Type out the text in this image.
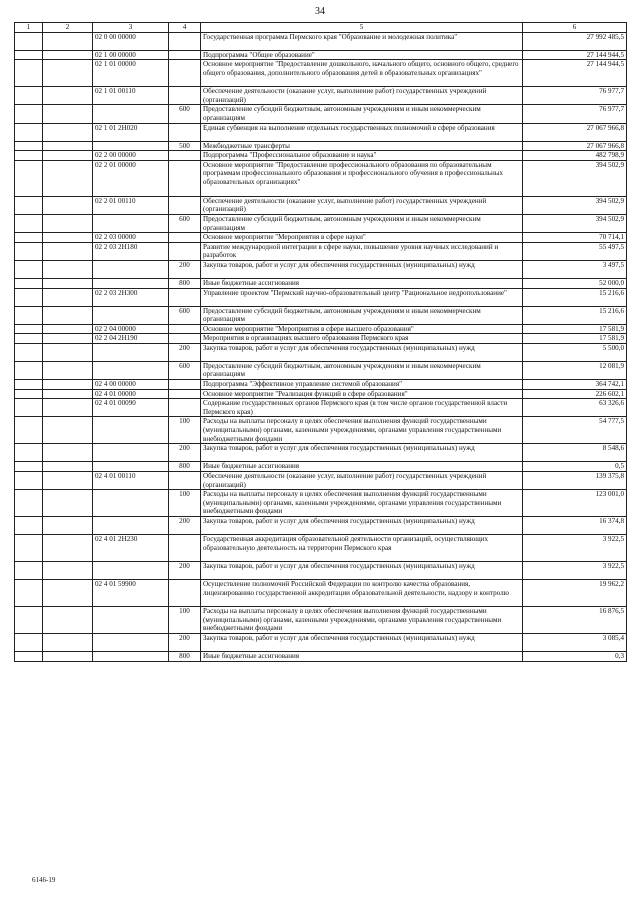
34
1	2	3	4	5	6
		02 0 00 00000		Государственная программа Пермского края "Образование и молодежная политика"	27 992 485,5
		02 1 00 00000		Подпрограмма "Общее образование"	27 144 944,5
		02 1 01 00000		Основное мероприятие "Предоставление дошкольного, начального общего, основного общего, среднего общего образования, дополнительного образования детей в образовательных организациях"	27 144 944,5
		02 1 01 00110		Обеспечение деятельности (оказание услуг, выполнение работ) государственных учреждений (организаций)	76 977,7
			600	Предоставление субсидий бюджетным, автономным учреждениям и иным некоммерческим организациям	76 977,7
		02 1 01 2Н020		Единая субвенция на выполнение отдельных государственных полномочий в сфере образования	27 067 966,8
			500	Межбюджетные трансферты	27 067 966,8
		02 2 00 00000		Подпрограмма "Профессиональное образование и наука"	482 798,9
		02 2 01 00000		Основное мероприятие "Предоставление профессионального образования по образовательным программам профессионального образования и профессионального обучения в профессиональных образовательных организациях"	394 502,9
		02 2 01 00110		Обеспечение деятельности (оказание услуг, выполнение работ) государственных учреждений (организаций)	394 502,9
			600	Предоставление субсидий бюджетным, автономным учреждениям и иным некоммерческим организациям	394 502,9
		02 2 03 00000		Основное мероприятие "Мероприятия в сфере науки"	70 714,1
		02 2 03 2Н180		Развитие международной интеграции в сфере науки, повышение уровня научных исследований и разработок	55 497,5
			200	Закупка товаров, работ и услуг для обеспечения государственных (муниципальных) нужд	3 497,5
			800	Иные бюджетные ассигнования	52 000,0
		02 2 03 2Н300		Управление проектом "Пермский научно-образовательный центр "Рациональное недропользование"	15 216,6
			600	Предоставление субсидий бюджетным, автономным учреждениям и иным некоммерческим организациям	15 216,6
		02 2 04 00000		Основное мероприятие "Мероприятия в сфере высшего образования"	17 581,9
		02 2 04 2Н190		Мероприятия в организациях высшего образования Пермского края	17 581,9
			200	Закупка товаров, работ и услуг для обеспечения государственных (муниципальных) нужд	5 500,0
			600	Предоставление субсидий бюджетным, автономным учреждениям и иным некоммерческим организациям	12 081,9
		02 4 00 00000		Подпрограмма "Эффективное управление системой образования"	364 742,1
		02 4 01 00000		Основное мероприятие "Реализация функций в сфере образования"	226 602,1
		02 4 01 00090		Содержание государственных органов Пермского края (в том числе органов государственной власти Пермского края)	63 326,6
			100	Расходы на выплаты персоналу в целях обеспечения выполнения функций государственными (муниципальными) органами, казенными учреждениями, органами управления государственными внебюджетными фондами	54 777,5
			200	Закупка товаров, работ и услуг для обеспечения государственных (муниципальных) нужд	8 548,6
			800	Иные бюджетные ассигнования	0,5
		02 4 01 00110		Обеспечение деятельности (оказание услуг, выполнение работ) государственных учреждений (организаций)	139 375,8
			100	Расходы на выплаты персоналу в целях обеспечения выполнения функций государственными (муниципальными) органами, казенными учреждениями, органами управления государственными внебюджетными фондами	123 001,0
			200	Закупка товаров, работ и услуг для обеспечения государственных (муниципальных) нужд	16 374,8
		02 4 01 2Н230		Государственная аккредитация образовательной деятельности организаций, осуществляющих образовательную деятельность на территории Пермского края	3 922,5
			200	Закупка товаров, работ и услуг для обеспечения государственных (муниципальных) нужд	3 922,5
		02 4 01 59900		Осуществление полномочий Российской Федерации по контролю качества образования, лицензированию государственной аккредитации образовательной деятельности, надзору и контролю	19 962,2
			100	Расходы на выплаты персоналу в целях обеспечения выполнения функций государственными (муниципальными) органами, казенными учреждениями, органами управления государственными внебюджетными фондами	16 876,5
			200	Закупка товаров, работ и услуг для обеспечения государственных (муниципальных) нужд	3 085,4
			800	Иные бюджетные ассигнования	0,3
6146-19
